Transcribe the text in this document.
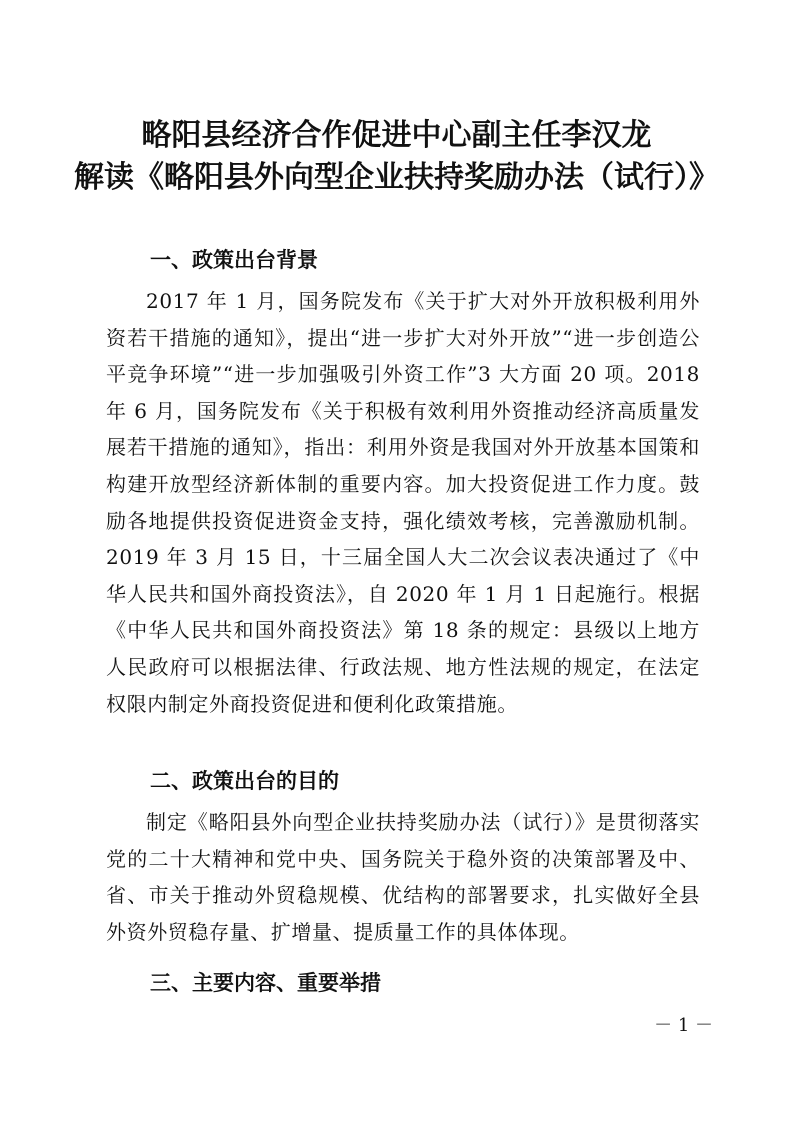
略阳县经济合作促进中心副主任李汉龙
解读《略阳县外向型企业扶持奖励办法（试行）》
一、政策出台背景

2017 年 1 月，国务院发布《关于扩大对外开放积极利用外资若干措施的通知》，提出“进一步扩大对外开放”“进一步创造公平竞争环境”“进一步加强吸引外资工作”3 大方面 20 项。2018 年 6 月，国务院发布《关于积极有效利用外资推动经济高质量发展若干措施的通知》，指出：利用外资是我国对外开放基本国策和构建开放型经济新体制的重要内容。加大投资促进工作力度。鼓励各地提供投资促进资金支持，强化绩效考核，完善激励机制。2019 年 3 月 15 日，十三届全国人大二次会议表决通过了《中华人民共和国外商投资法》，自 2020 年 1 月 1 日起施行。根据《中华人民共和国外商投资法》第 18 条的规定：县级以上地方人民政府可以根据法律、行政法规、地方性法规的规定，在法定权限内制定外商投资促进和便利化政策措施。

二、政策出台的目的

制定《略阳县外向型企业扶持奖励办法（试行）》是贯彻落实党的二十大精神和党中央、国务院关于稳外资的决策部署及中、省、市关于推动外贸稳规模、优结构的部署要求，扎实做好全县外资外贸稳存量、扩增量、提质量工作的具体体现。

三、主要内容、重要举措
－ 1 －
